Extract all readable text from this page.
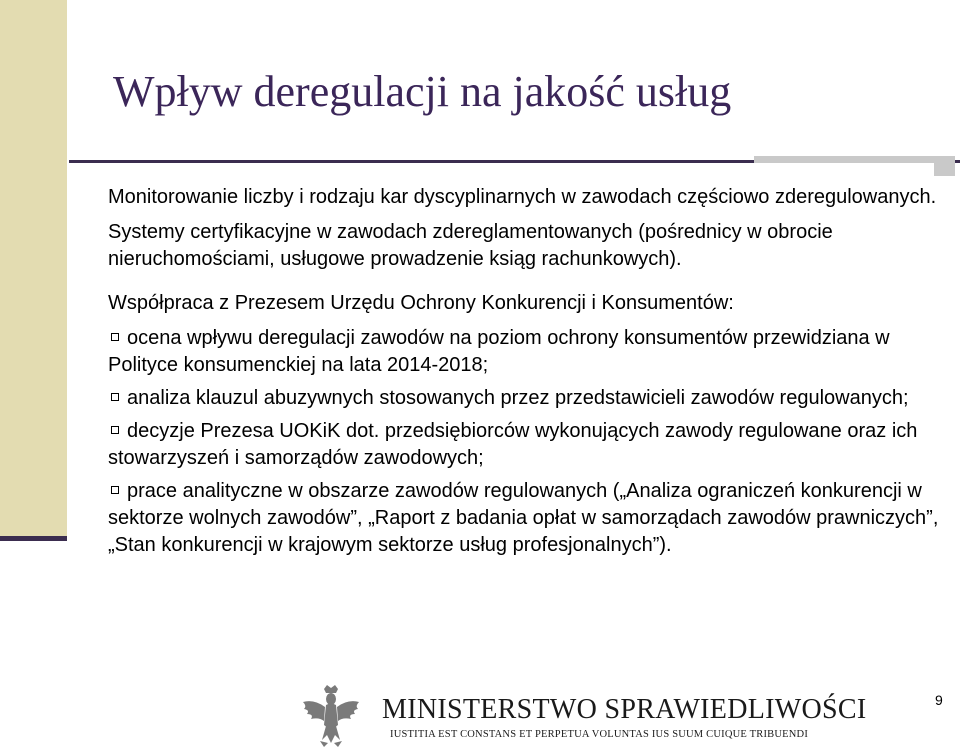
Wpływ deregulacji na jakość usług

Monitorowanie liczby i rodzaju kar dyscyplinarnych w zawodach częściowo zderegulowanych.

Systemy certyfikacyjne w zawodach zdereglamentowanych (pośrednicy w obrocie nieruchomościami, usługowe prowadzenie ksiąg rachunkowych).

Współpraca z Prezesem Urzędu Ochrony Konkurencji i Konsumentów:

ocena wpływu deregulacji zawodów na poziom ochrony konsumentów przewidziana w Polityce konsumenckiej na lata 2014-2018;
analiza klauzul abuzywnych stosowanych przez przedstawicieli zawodów regulowanych;
decyzje Prezesa UOKiK dot. przedsiębiorców wykonujących zawody regulowane oraz ich stowarzyszeń i samorządów zawodowych;
prace analityczne w obszarze zawodów regulowanych („Analiza ograniczeń konkurencji w sektorze wolnych zawodów”, „Raport z badania opłat w samorządach zawodów prawniczych”, „Stan konkurencji w krajowym sektorze usług profesjonalnych”).
MINISTERSTWO SPRAWIEDLIWOŚCI
IUSTITIA EST CONSTANS ET PERPETUA VOLUNTAS IUS SUUM CUIQUE TRIBUENDI
9
